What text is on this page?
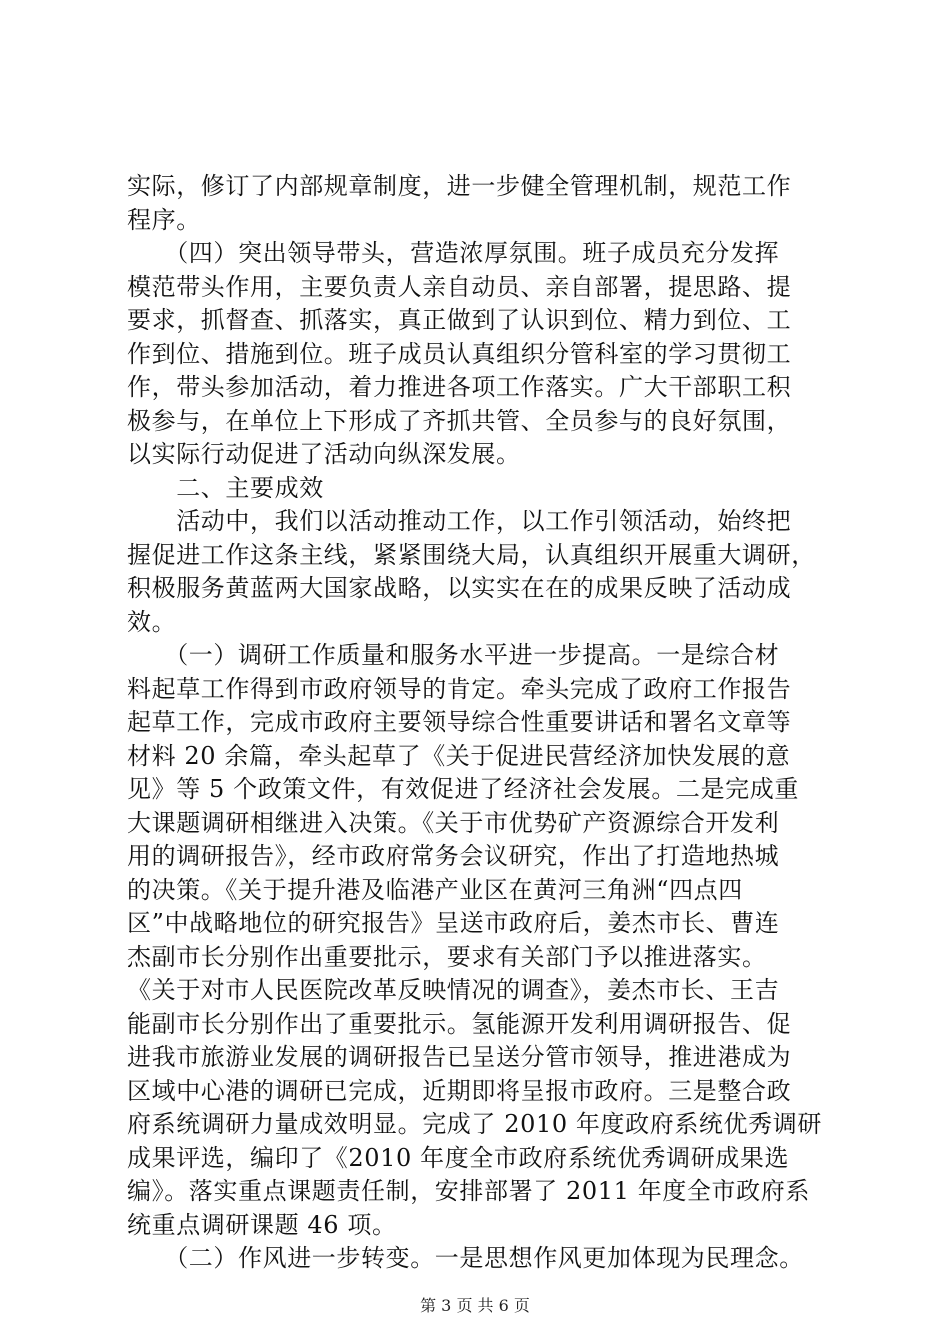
实际，修订了内部规章制度，进一步健全管理机制，规范工作
程序。
　　（四）突出领导带头，营造浓厚氛围。班子成员充分发挥
模范带头作用，主要负责人亲自动员、亲自部署，提思路、提
要求，抓督查、抓落实，真正做到了认识到位、精力到位、工
作到位、措施到位。班子成员认真组织分管科室的学习贯彻工
作，带头参加活动，着力推进各项工作落实。广大干部职工积
极参与，在单位上下形成了齐抓共管、全员参与的良好氛围，
以实际行动促进了活动向纵深发展。
　　二、主要成效
　　活动中，我们以活动推动工作，以工作引领活动，始终把
握促进工作这条主线，紧紧围绕大局，认真组织开展重大调研，
积极服务黄蓝两大国家战略，以实实在在的成果反映了活动成
效。
　　（一）调研工作质量和服务水平进一步提高。一是综合材
料起草工作得到市政府领导的肯定。牵头完成了政府工作报告
起草工作，完成市政府主要领导综合性重要讲话和署名文章等
材料 20 余篇，牵头起草了《关于促进民营经济加快发展的意
见》等 5 个政策文件，有效促进了经济社会发展。二是完成重
大课题调研相继进入决策。《关于市优势矿产资源综合开发利
用的调研报告》，经市政府常务会议研究，作出了打造地热城
的决策。《关于提升港及临港产业区在黄河三角洲“四点四
区”中战略地位的研究报告》呈送市政府后，姜杰市长、曹连
杰副市长分别作出重要批示，要求有关部门予以推进落实。
《关于对市人民医院改革反映情况的调查》，姜杰市长、王吉
能副市长分别作出了重要批示。氢能源开发利用调研报告、促
进我市旅游业发展的调研报告已呈送分管市领导，推进港成为
区域中心港的调研已完成，近期即将呈报市政府。三是整合政
府系统调研力量成效明显。完成了 2010 年度政府系统优秀调研
成果评选，编印了《2010 年度全市政府系统优秀调研成果选
编》。落实重点课题责任制，安排部署了 2011 年度全市政府系
统重点调研课题 46 项。
　　（二）作风进一步转变。一是思想作风更加体现为民理念。
第 3 页 共 6 页
